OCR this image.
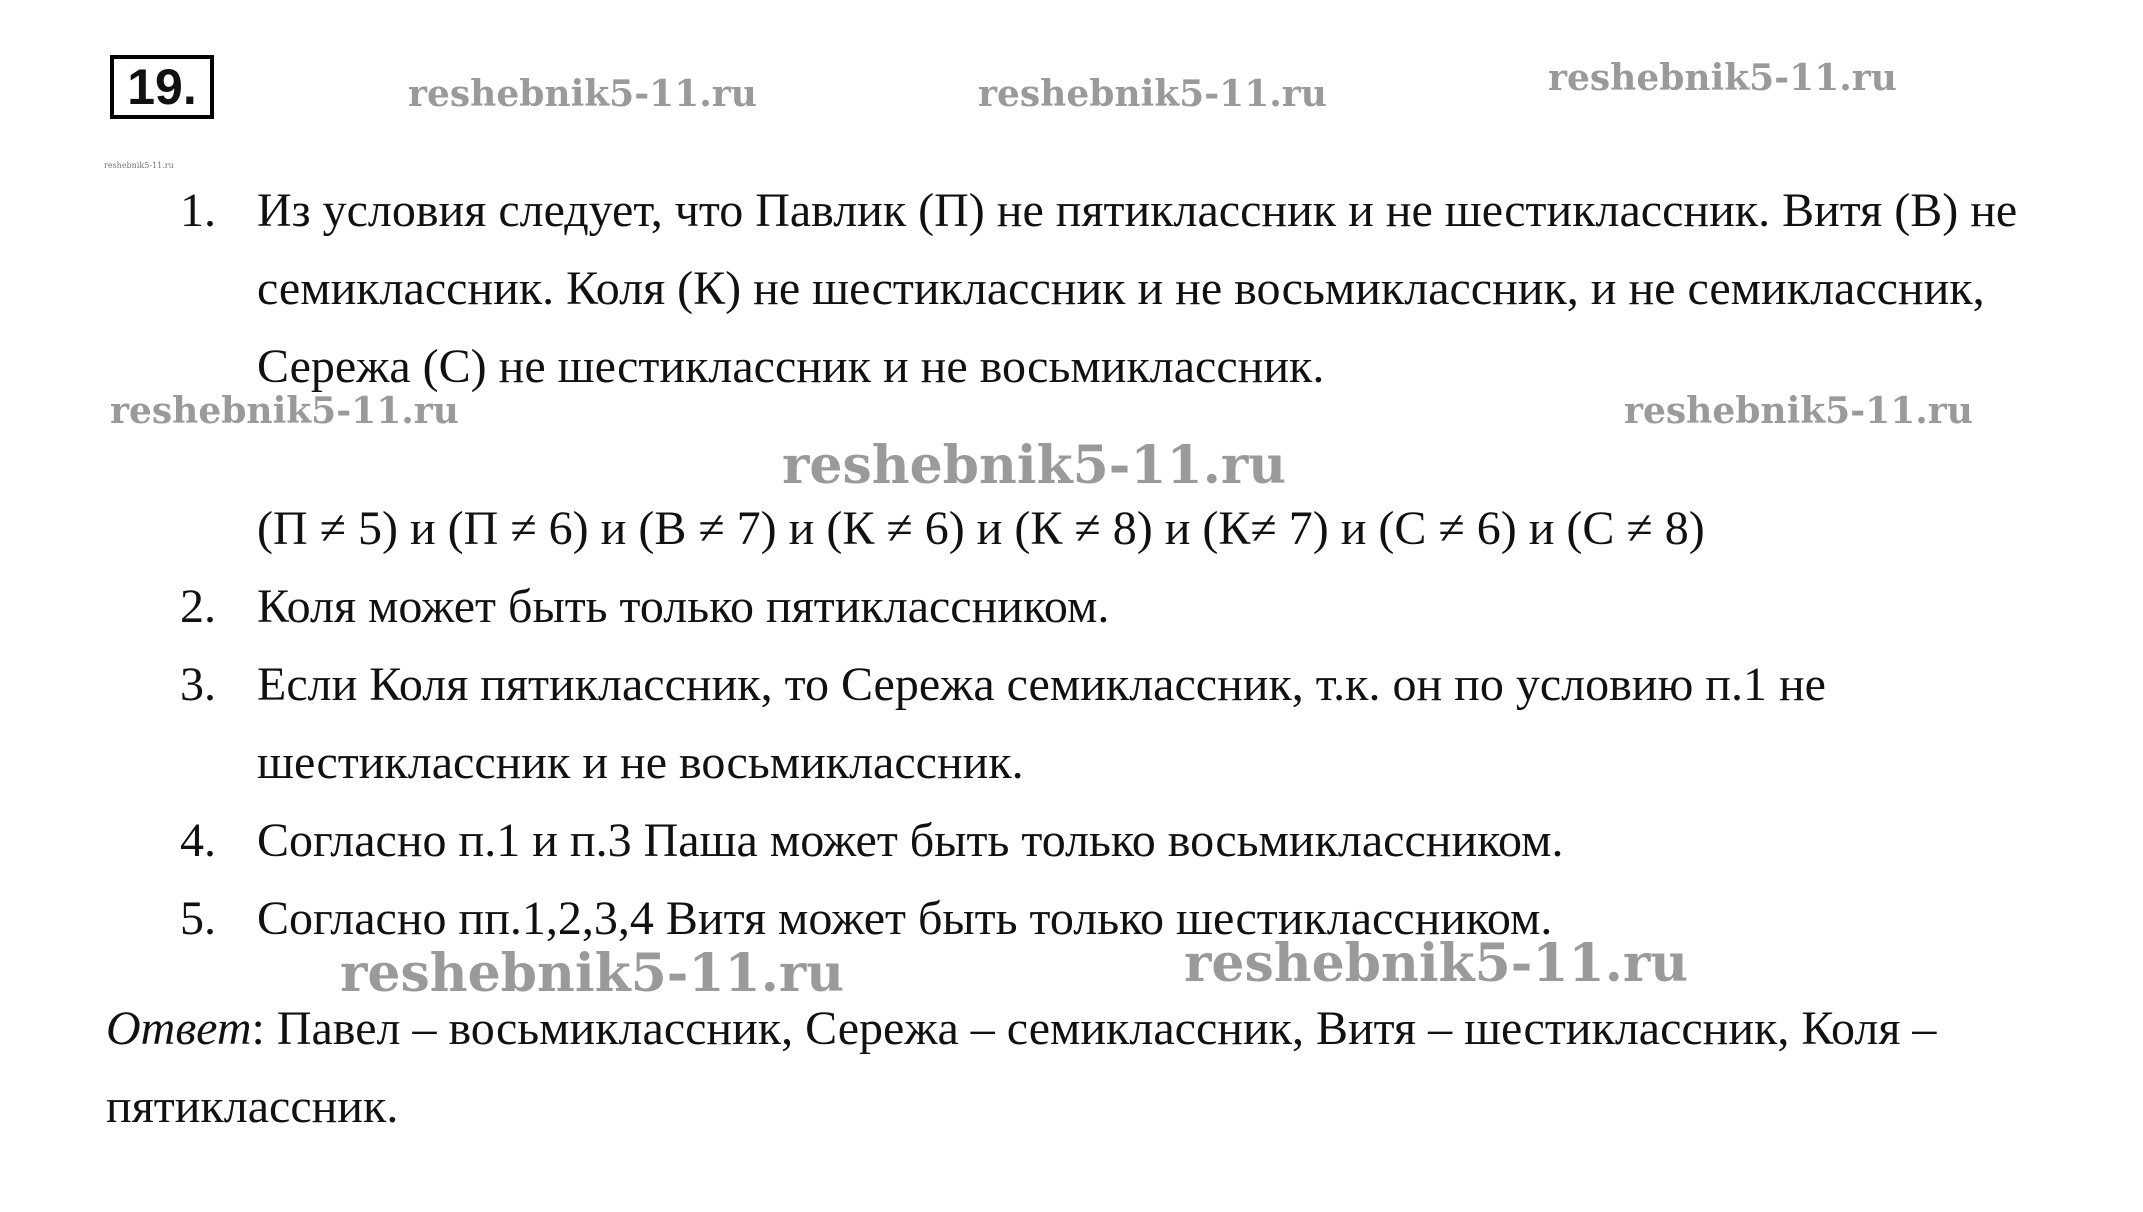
19.	reshebnik5-11.ru	reshebnik5-11.ru	reshebnik5-11.ru
reshebnik5-11.ru
reshebnik5-11.ru	reshebnik5-11.ru
reshebnik5-11.ru
reshebnik5-11.ru	reshebnik5-11.ru
1. Из условия следует, что Павлик (П) не пятиклассник и не шестиклассник. Витя (В) не семиклассник. Коля (К) не шестиклассник и не восьмиклассник, и не семиклассник, Сережа (С) не шестиклассник и не восьмиклассник.
(П ≠ 5) и (П ≠ 6) и (В ≠ 7) и (К ≠ 6) и (К ≠ 8) и (К≠ 7) и (С ≠ 6) и (С ≠ 8)
2. Коля может быть только пятиклассником.
3. Если Коля пятиклассник, то Сережа семиклассник, т.к. он по условию п.1 не шестиклассник и не восьмиклассник.
4. Согласно п.1 и п.3 Паша может быть только восьмиклассником.
5. Согласно пп.1,2,3,4 Витя может быть только шестиклассником.
Ответ: Павел – восьмиклассник, Сережа – семиклассник, Витя – шестиклассник, Коля – пятиклассник.
